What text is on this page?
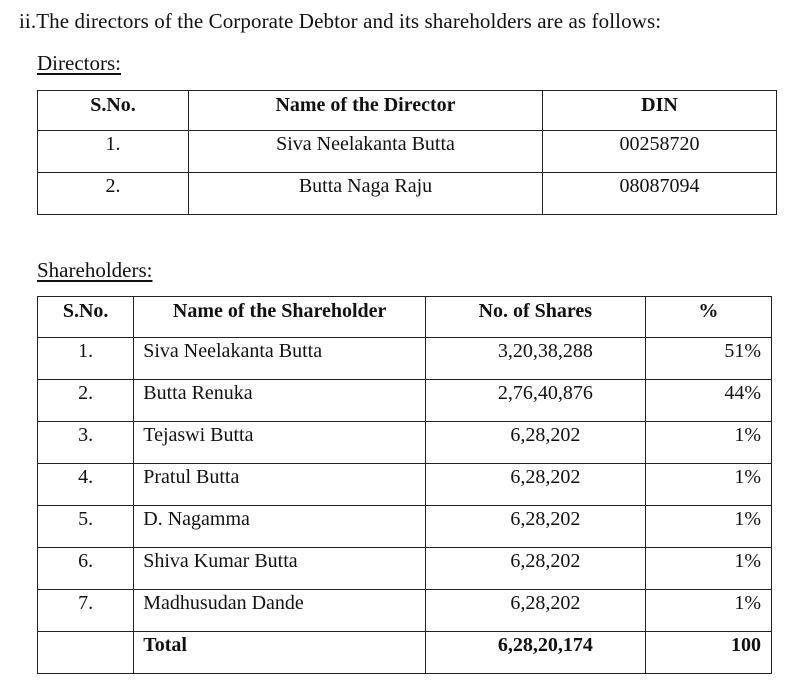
ii.The directors of the Corporate Debtor and its shareholders are as follows:
Directors:
S.No.	Name of the Director	DIN
1.	Siva Neelakanta Butta	00258720
2.	Butta Naga Raju	08087094
Shareholders:
S.No.	Name of the Shareholder	No. of Shares	%
1.	Siva Neelakanta Butta	3,20,38,288	51%
2.	Butta Renuka	2,76,40,876	44%
3.	Tejaswi Butta	6,28,202	1%
4.	Pratul Butta	6,28,202	1%
5.	D. Nagamma	6,28,202	1%
6.	Shiva Kumar Butta	6,28,202	1%
7.	Madhusudan Dande	6,28,202	1%
	Total	6,28,20,174	100
